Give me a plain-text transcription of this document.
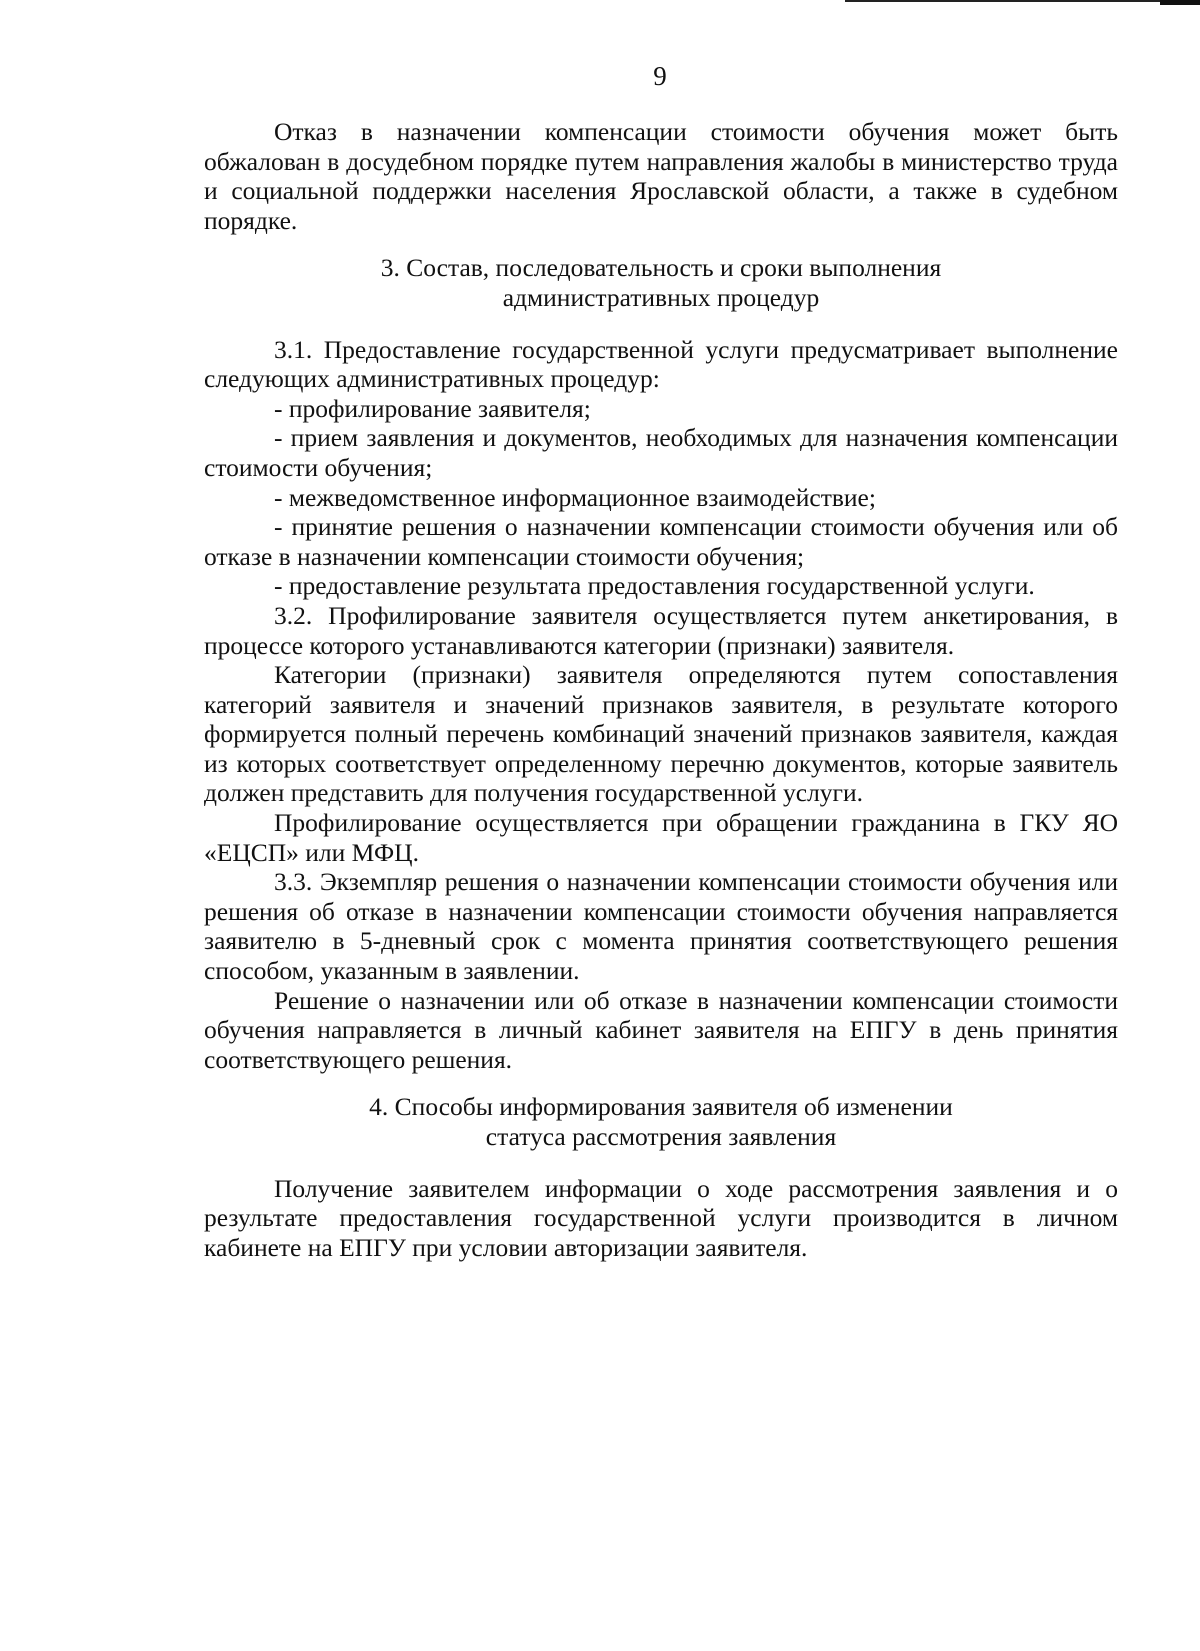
9

Отказ в назначении компенсации стоимости обучения может быть обжалован в досудебном порядке путем направления жалобы в министерство труда и социальной поддержки населения Ярославской области, а также в судебном порядке.

3. Состав, последовательность и сроки выполнения
административных процедур

3.1. Предоставление государственной услуги предусматривает выполнение следующих административных процедур:

- профилирование заявителя;

- прием заявления и документов, необходимых для назначения компенсации стоимости обучения;

- межведомственное информационное взаимодействие;

- принятие решения о назначении компенсации стоимости обучения или об отказе в назначении компенсации стоимости обучения;

- предоставление результата предоставления государственной услуги.

3.2. Профилирование заявителя осуществляется путем анкетирования, в процессе которого устанавливаются категории (признаки) заявителя.

Категории (признаки) заявителя определяются путем сопоставления категорий заявителя и значений признаков заявителя, в результате которого формируется полный перечень комбинаций значений признаков заявителя, каждая из которых соответствует определенному перечню документов, которые заявитель должен представить для получения государственной услуги.

Профилирование осуществляется при обращении гражданина в ГКУ ЯО «ЕЦСП» или МФЦ.

3.3. Экземпляр решения о назначении компенсации стоимости обучения или решения об отказе в назначении компенсации стоимости обучения направляется заявителю в 5-дневный срок с момента принятия соответствующего решения способом, указанным в заявлении.

Решение о назначении или об отказе в назначении компенсации стоимости обучения направляется в личный кабинет заявителя на ЕПГУ в день принятия соответствующего решения.

4. Способы информирования заявителя об изменении
статуса рассмотрения заявления

Получение заявителем информации о ходе рассмотрения заявления и о результате предоставления государственной услуги производится в личном кабинете на ЕПГУ при условии авторизации заявителя.
